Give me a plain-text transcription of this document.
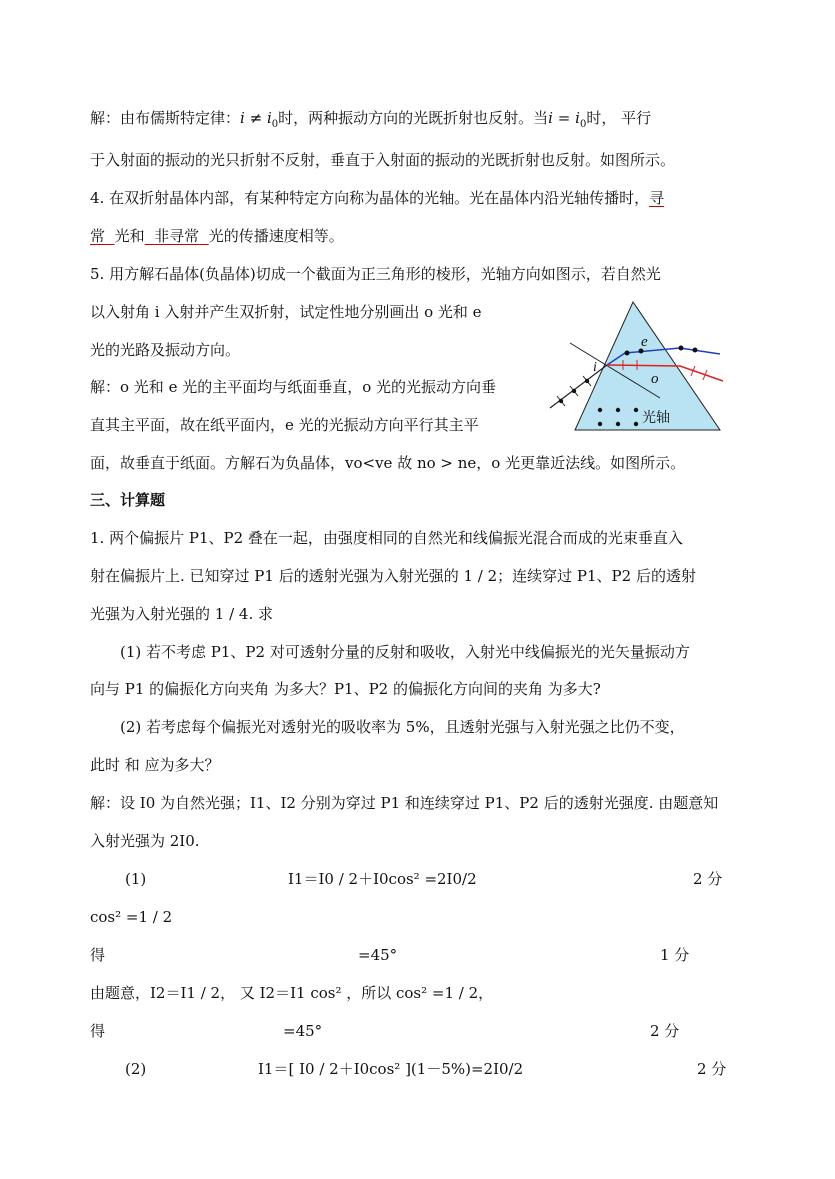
解：由布儒斯特定律：$i \ne i_0$时，两种振动方向的光既折射也反射。当$i = i_0$时， 平行
于入射面的振动的光只折射不反射，垂直于入射面的振动的光既折射也反射。如图所示。
4. 在双折射晶体内部，有某种特定方向称为晶体的光轴。光在晶体内沿光轴传播时，寻
常 光和 非寻常 光的传播速度相等。
5. 用方解石晶体(负晶体)切成一个截面为正三角形的棱形，光轴方向如图示，若自然光
以入射角 i 入射并产生双折射，试定性地分别画出 o 光和 e
光的光路及振动方向。
解：o 光和 e 光的主平面均与纸面垂直，o 光的光振动方向垂
直其主平面，故在纸平面内，e 光的光振动方向平行其主平
面，故垂直于纸面。方解石为负晶体，vo<ve 故 no > ne，o 光更靠近法线。如图所示。
e
o
i
光轴
三、计算题
1. 两个偏振片 P1、P2 叠在一起，由强度相同的自然光和线偏振光混合而成的光束垂直入
射在偏振片上. 已知穿过 P1 后的透射光强为入射光强的 1 / 2；连续穿过 P1、P2 后的透射
光强为入射光强的 1 / 4. 求
(1) 若不考虑 P1、P2 对可透射分量的反射和吸收，入射光中线偏振光的光矢量振动方
向与 P1 的偏振化方向夹角 为多大？P1、P2 的偏振化方向间的夹角 为多大?
(2) 若考虑每个偏振光对透射光的吸收率为 5%，且透射光强与入射光强之比仍不变，
此时 和 应为多大？
解：设 I0 为自然光强；I1、I2 分别为穿过 P1 和连续穿过 P1、P2 后的透射光强度. 由题意知
入射光强为 2I0.
(1)	I1＝I0 / 2＋I0cos² =2I0/2	2 分
cos² =1 / 2
得	=45°	1 分
由题意，I2＝I1 / 2， 又 I2＝I1 cos² ，所以 cos² =1 / 2，
得	=45°	2 分
(2)	I1＝[ I0 / 2＋I0cos² ](1－5%)=2I0/2	2 分
